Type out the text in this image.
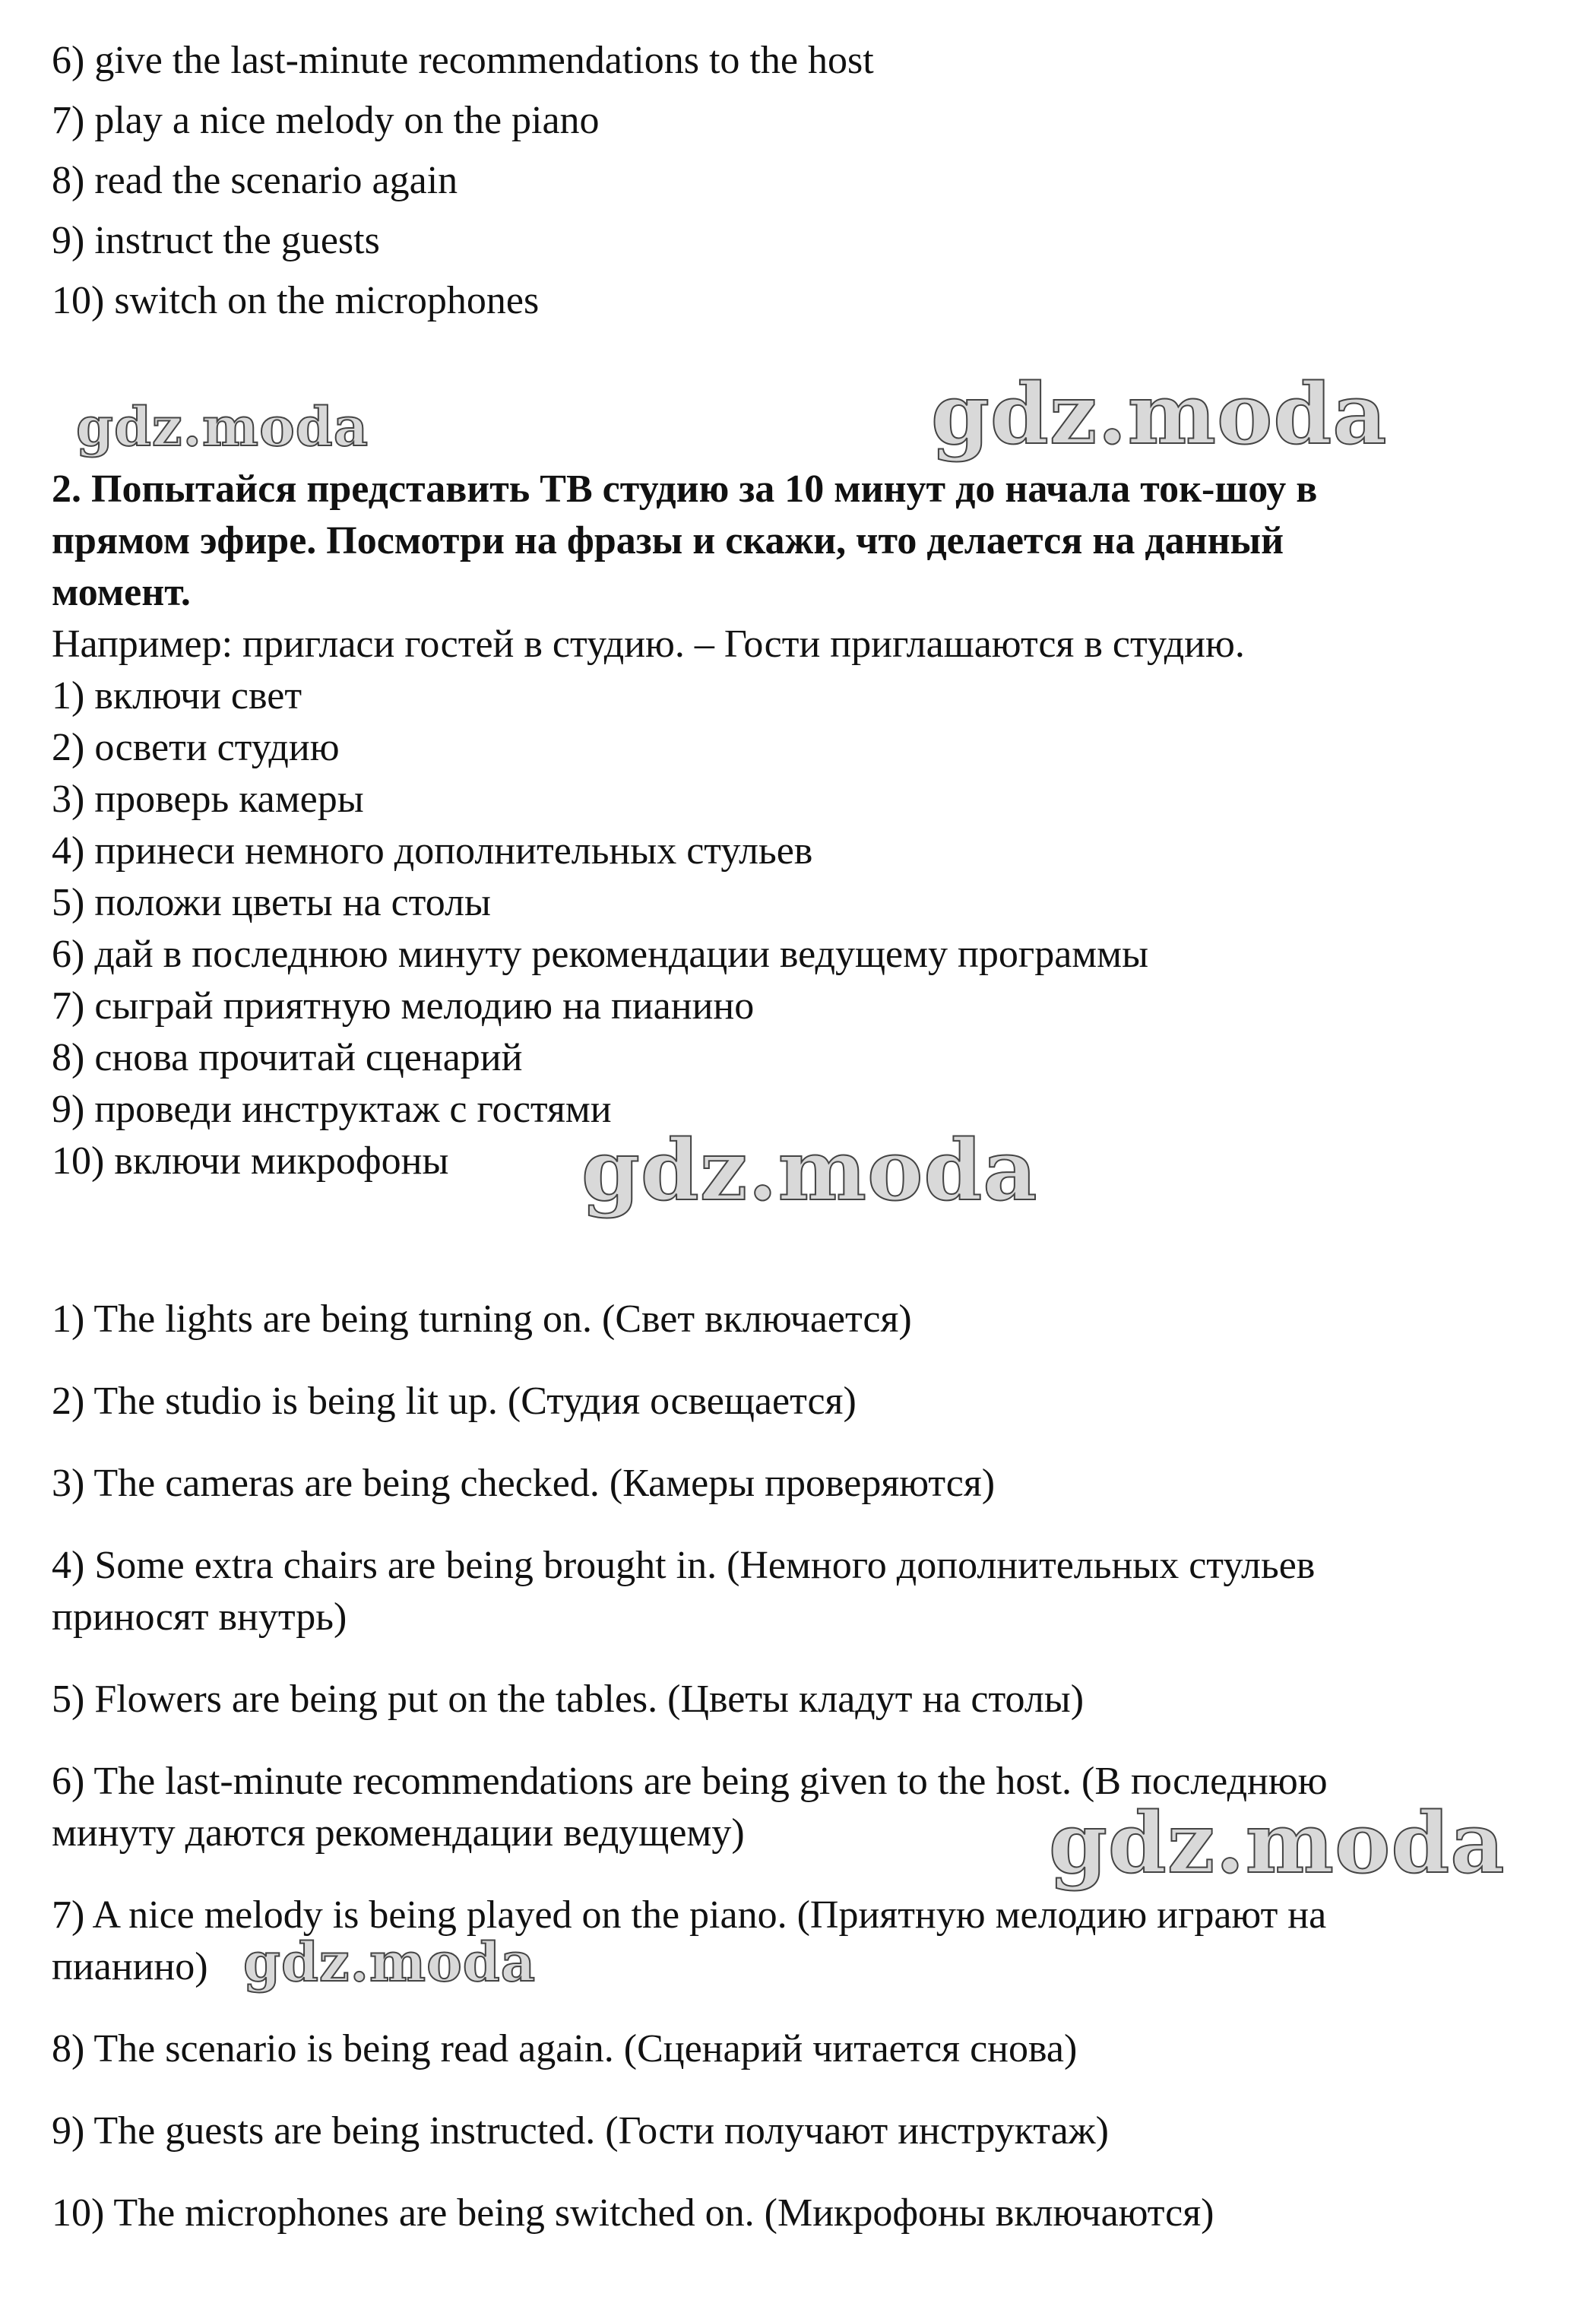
6) give the last-minute recommendations to the host
7) play a nice melody on the piano
8) read the scenario again
9) instruct the guests
10) switch on the microphones
2. Попытайся представить ТВ студию за 10 минут до начала ток-шоу в
прямом эфире. Посмотри на фразы и скажи, что делается на данный
момент.
Например: пригласи гостей в студию. – Гости приглашаются в студию.
1) включи свет
2) освети студию
3) проверь камеры
4) принеси немного дополнительных стульев
5) положи цветы на столы
6) дай в последнюю минуту рекомендации ведущему программы
7) сыграй приятную мелодию на пианино
8) снова прочитай сценарий
9) проведи инструктаж с гостями
10) включи микрофоны
1) The lights are being turning on. (Свет включается)
2) The studio is being lit up. (Студия освещается)
3) The cameras are being checked. (Камеры проверяются)
4) Some extra chairs are being brought in. (Немного дополнительных стульев
приносят внутрь)
5) Flowers are being put on the tables. (Цветы кладут на столы)
6) The last-minute recommendations are being given to the host. (В последнюю
минуту даются рекомендации ведущему)
7) A nice melody is being played on the piano. (Приятную мелодию играют на
пианино)
8) The scenario is being read again. (Сценарий читается снова)
9) The guests are being instructed. (Гости получают инструктаж)
10) The microphones are being switched on. (Микрофоны включаются)
gdz.moda	gdz.moda
gdz.moda
gdz.moda
gdz.moda
